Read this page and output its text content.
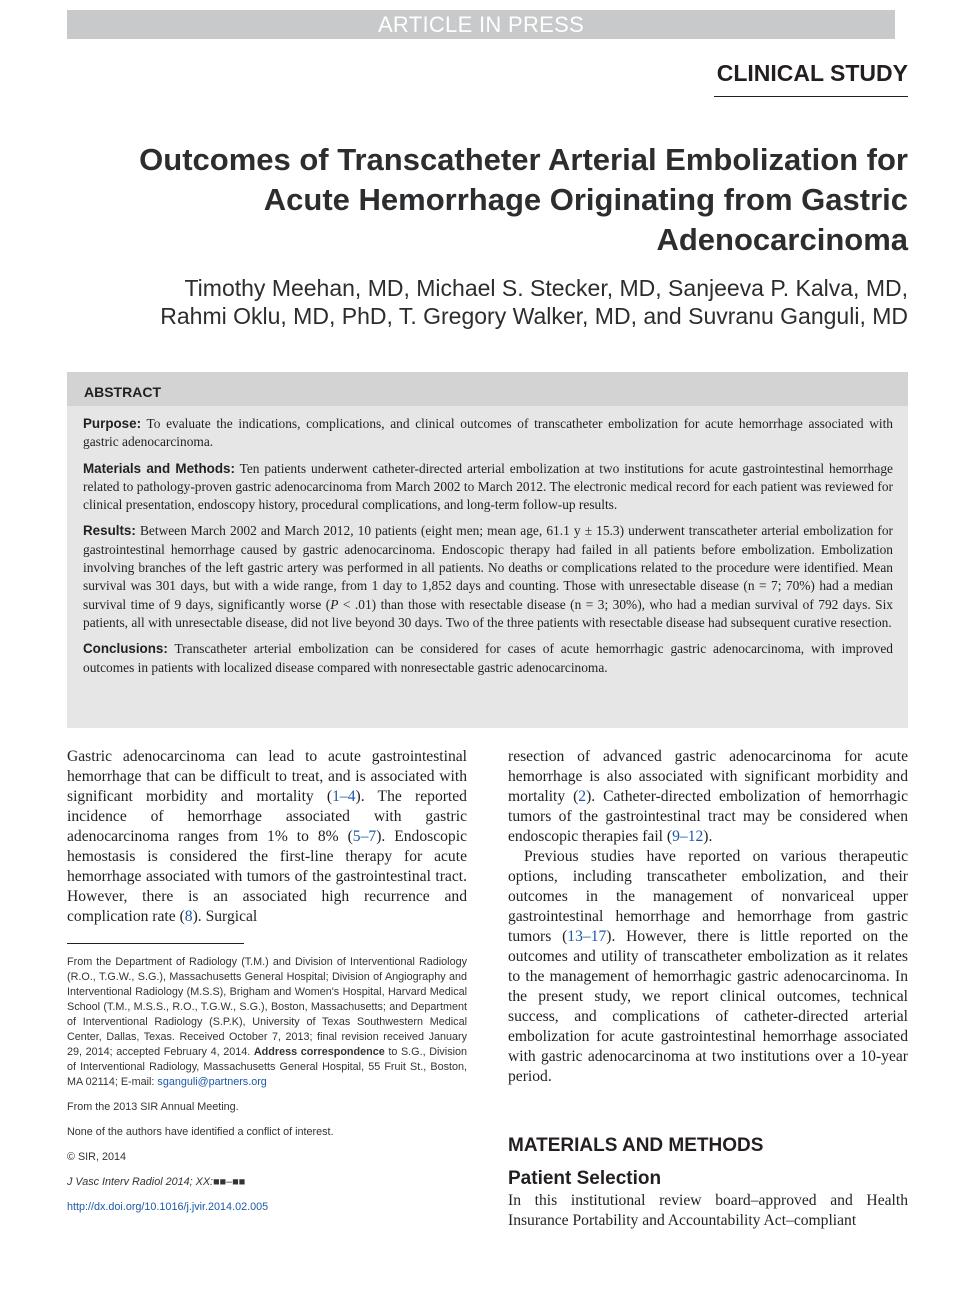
ARTICLE IN PRESS
CLINICAL STUDY
Outcomes of Transcatheter Arterial Embolization for Acute Hemorrhage Originating from Gastric Adenocarcinoma
Timothy Meehan, MD, Michael S. Stecker, MD, Sanjeeva P. Kalva, MD,
Rahmi Oklu, MD, PhD, T. Gregory Walker, MD, and Suvranu Ganguli, MD
ABSTRACT

Purpose: To evaluate the indications, complications, and clinical outcomes of transcatheter embolization for acute hemorrhage associated with gastric adenocarcinoma.

Materials and Methods: Ten patients underwent catheter-directed arterial embolization at two institutions for acute gastrointestinal hemorrhage related to pathology-proven gastric adenocarcinoma from March 2002 to March 2012. The electronic medical record for each patient was reviewed for clinical presentation, endoscopy history, procedural complications, and long-term follow-up results.

Results: Between March 2002 and March 2012, 10 patients (eight men; mean age, 61.1 y ± 15.3) underwent transcatheter arterial embolization for gastrointestinal hemorrhage caused by gastric adenocarcinoma. Endoscopic therapy had failed in all patients before embolization. Embolization involving branches of the left gastric artery was performed in all patients. No deaths or complications related to the procedure were identified. Mean survival was 301 days, but with a wide range, from 1 day to 1,852 days and counting. Those with unresectable disease (n = 7; 70%) had a median survival time of 9 days, significantly worse (P < .01) than those with resectable disease (n = 3; 30%), who had a median survival of 792 days. Six patients, all with unresectable disease, did not live beyond 30 days. Two of the three patients with resectable disease had subsequent curative resection.

Conclusions: Transcatheter arterial embolization can be considered for cases of acute hemorrhagic gastric adenocarcinoma, with improved outcomes in patients with localized disease compared with nonresectable gastric adenocarcinoma.

Gastric adenocarcinoma can lead to acute gastrointestinal hemorrhage that can be difficult to treat, and is associated with significant morbidity and mortality (1–4). The reported incidence of hemorrhage associated with gastric adenocarcinoma ranges from 1% to 8% (5–7). Endoscopic hemostasis is considered the first-line therapy for acute hemorrhage associated with tumors of the gastrointestinal tract. However, there is an associated high recurrence and complication rate (8). Surgical

From the Department of Radiology (T.M.) and Division of Interventional Radiology (R.O., T.G.W., S.G.), Massachusetts General Hospital; Division of Angiography and Interventional Radiology (M.S.S), Brigham and Women's Hospital, Harvard Medical School (T.M., M.S.S., R.O., T.G.W., S.G.), Boston, Massachusetts; and Department of Interventional Radiology (S.P.K), University of Texas Southwestern Medical Center, Dallas, Texas. Received October 7, 2013; final revision received January 29, 2014; accepted February 4, 2014. Address correspondence to S.G., Division of Interventional Radiology, Massachusetts General Hospital, 55 Fruit St., Boston, MA 02114; E-mail: sganguli@partners.org

From the 2013 SIR Annual Meeting.

None of the authors have identified a conflict of interest.

© SIR, 2014

J Vasc Interv Radiol 2014; XX:■■–■■

http://dx.doi.org/10.1016/j.jvir.2014.02.005

resection of advanced gastric adenocarcinoma for acute hemorrhage is also associated with significant morbidity and mortality (2). Catheter-directed embolization of hemorrhagic tumors of the gastrointestinal tract may be considered when endoscopic therapies fail (9–12).

Previous studies have reported on various therapeutic options, including transcatheter embolization, and their outcomes in the management of nonvariceal upper gastrointestinal hemorrhage and hemorrhage from gastric tumors (13–17). However, there is little reported on the outcomes and utility of transcatheter embolization as it relates to the management of hemorrhagic gastric adenocarcinoma. In the present study, we report clinical outcomes, technical success, and complications of catheter-directed arterial embolization for acute gastrointestinal hemorrhage associated with gastric adenocarcinoma at two institutions over a 10-year period.

MATERIALS AND METHODS
Patient Selection
In this institutional review board–approved and Health Insurance Portability and Accountability Act–compliant
